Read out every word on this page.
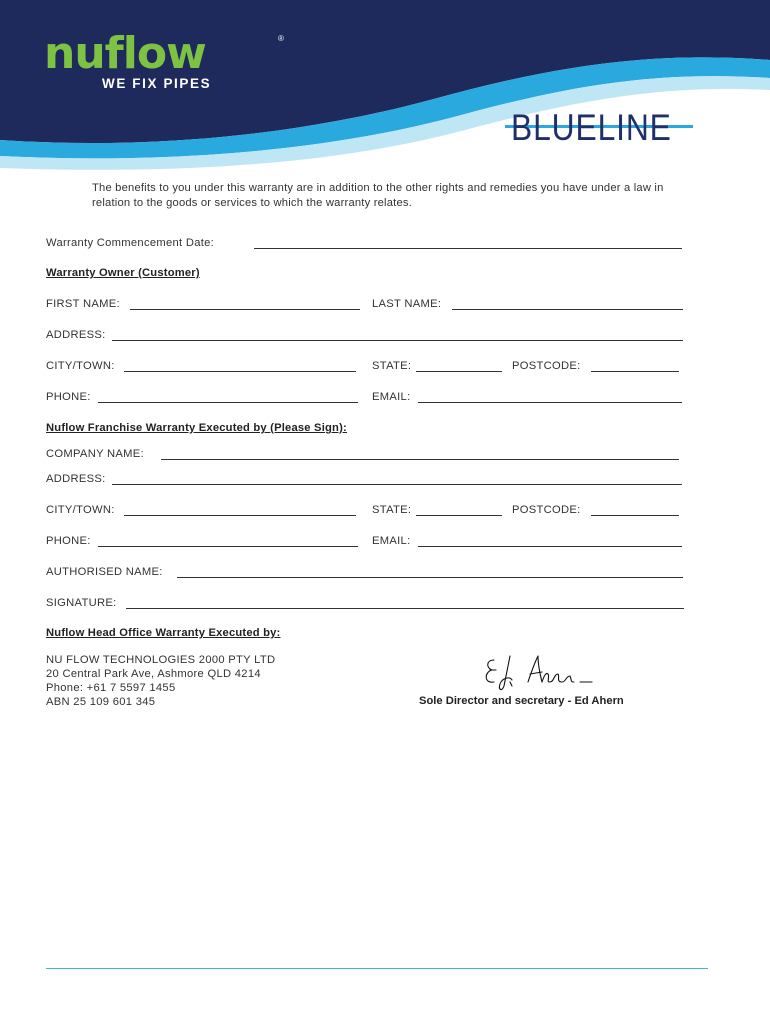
nuflow	®
WE FIX PIPES
BLUELINE
The benefits to you under this warranty are in addition to the other rights and remedies you have under a law in relation to the goods or services to which the warranty relates.
Warranty Commencement Date:
Warranty Owner (Customer)
FIRST NAME:	LAST NAME:
ADDRESS:
CITY/TOWN:	STATE:	POSTCODE:
PHONE:	EMAIL:
Nuflow Franchise Warranty Executed by (Please Sign):
COMPANY NAME:
ADDRESS:
CITY/TOWN:	STATE:	POSTCODE:
PHONE:	EMAIL:
AUTHORISED NAME:
SIGNATURE:
Nuflow Head Office Warranty Executed by:
NU FLOW TECHNOLOGIES 2000 PTY LTD
20 Central Park Ave, Ashmore QLD 4214
Phone: +61 7 5597 1455
ABN 25 109 601 345	Sole Director and secretary - Ed Ahern
